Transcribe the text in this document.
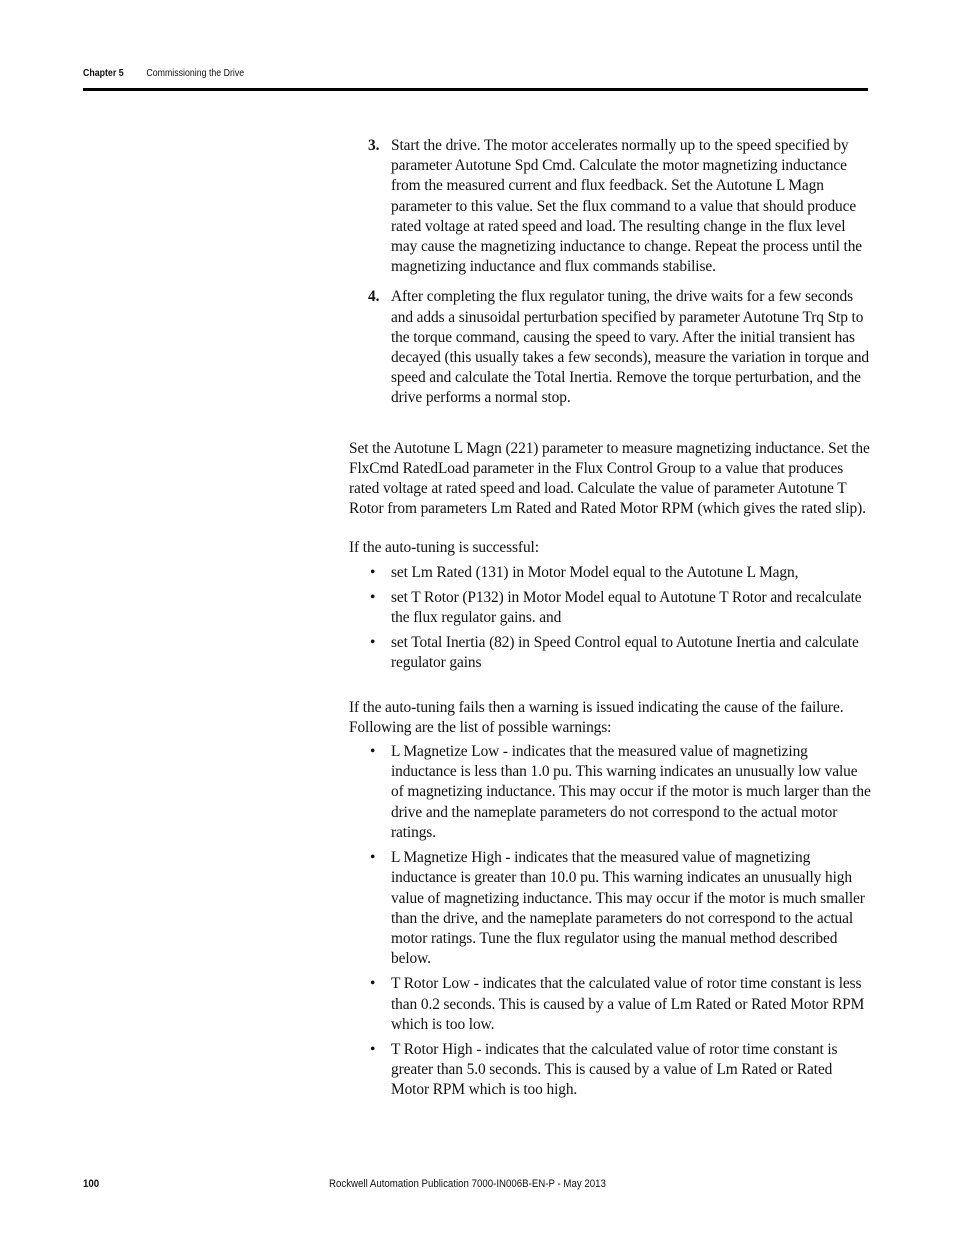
Chapter 5 Commissioning the Drive
3. Start the drive. The motor accelerates normally up to the speed specified by parameter Autotune Spd Cmd. Calculate the motor magnetizing inductance from the measured current and flux feedback. Set the Autotune L Magn parameter to this value. Set the flux command to a value that should produce rated voltage at rated speed and load. The resulting change in the flux level may cause the magnetizing inductance to change. Repeat the process until the magnetizing inductance and flux commands stabilise.
4. After completing the flux regulator tuning, the drive waits for a few seconds and adds a sinusoidal perturbation specified by parameter Autotune Trq Stp to the torque command, causing the speed to vary. After the initial transient has decayed (this usually takes a few seconds), measure the variation in torque and speed and calculate the Total Inertia. Remove the torque perturbation, and the drive performs a normal stop.

Set the Autotune L Magn (221) parameter to measure magnetizing inductance. Set the FlxCmd RatedLoad parameter in the Flux Control Group to a value that produces rated voltage at rated speed and load. Calculate the value of parameter Autotune T Rotor from parameters Lm Rated and Rated Motor RPM (which gives the rated slip).

If the auto-tuning is successful:

• set Lm Rated (131) in Motor Model equal to the Autotune L Magn,
• set T Rotor (P132) in Motor Model equal to Autotune T Rotor and recalculate the flux regulator gains. and
• set Total Inertia (82) in Speed Control equal to Autotune Inertia and calculate regulator gains

If the auto-tuning fails then a warning is issued indicating the cause of the failure. Following are the list of possible warnings:

• L Magnetize Low - indicates that the measured value of magnetizing inductance is less than 1.0 pu. This warning indicates an unusually low value of magnetizing inductance. This may occur if the motor is much larger than the drive and the nameplate parameters do not correspond to the actual motor ratings.
• L Magnetize High - indicates that the measured value of magnetizing inductance is greater than 10.0 pu. This warning indicates an unusually high value of magnetizing inductance. This may occur if the motor is much smaller than the drive, and the nameplate parameters do not correspond to the actual motor ratings. Tune the flux regulator using the manual method described below.
• T Rotor Low - indicates that the calculated value of rotor time constant is less than 0.2 seconds. This is caused by a value of Lm Rated or Rated Motor RPM which is too low.
• T Rotor High - indicates that the calculated value of rotor time constant is greater than 5.0 seconds. This is caused by a value of Lm Rated or Rated Motor RPM which is too high.
100	Rockwell Automation Publication 7000-IN006B-EN-P - May 2013
